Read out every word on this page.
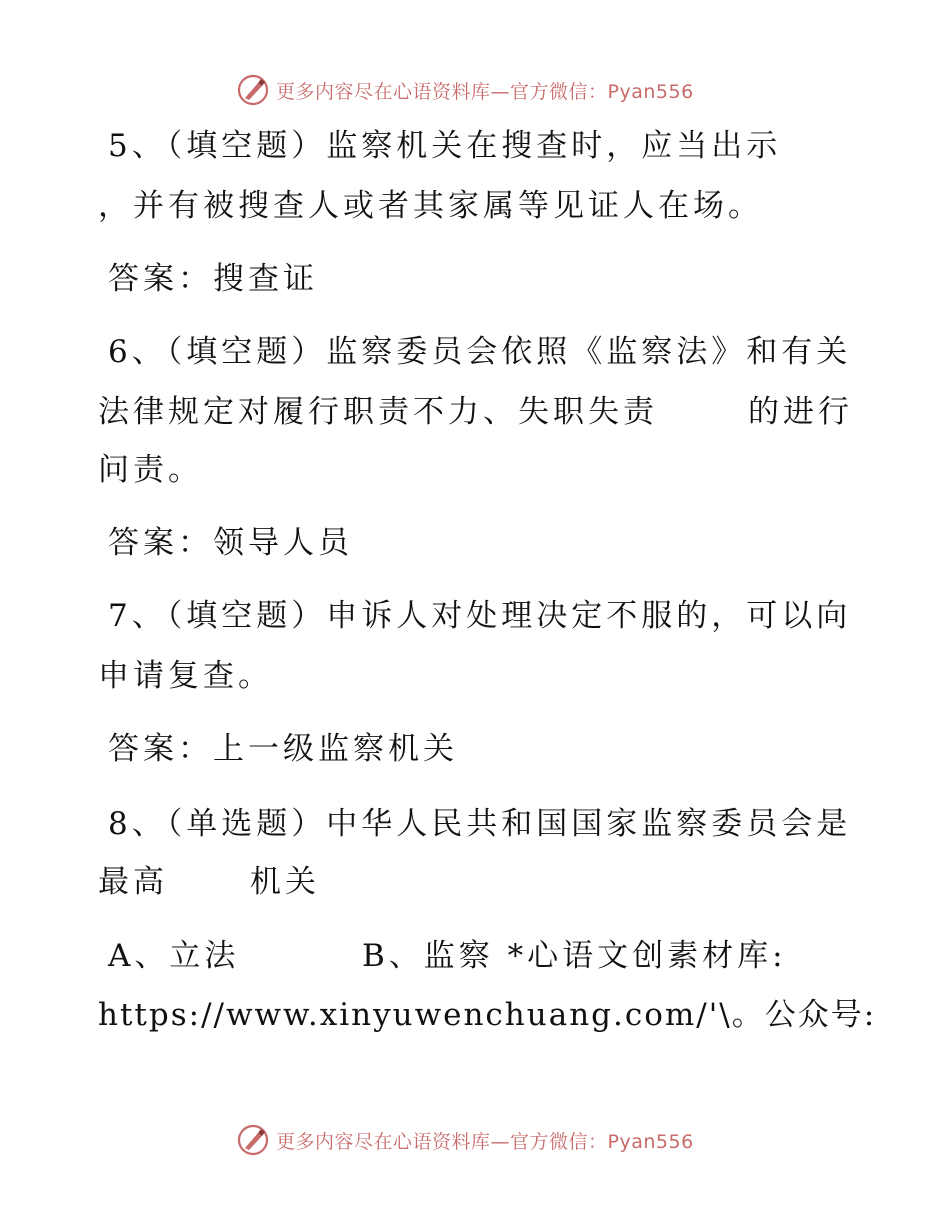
更多内容尽在心语资料库—官方微信：Pyan556
5、（填空题）监察机关在搜查时，应当出示
，并有被搜查人或者其家属等见证人在场。
答案：搜查证
6、（填空题）监察委员会依照《监察法》和有关
法律规定对履行职责不力、失职失责	的进行
问责。
答案：领导人员
7、（填空题）申诉人对处理决定不服的，可以向
申请复查。
答案：上一级监察机关
8、（单选题）中华人民共和国国家监察委员会是
最高	机关
A、立法	B、监察 *心语文创素材库:
https://www.xinyuwenchuang.com/'\。公众号:
更多内容尽在心语资料库—官方微信：Pyan556
